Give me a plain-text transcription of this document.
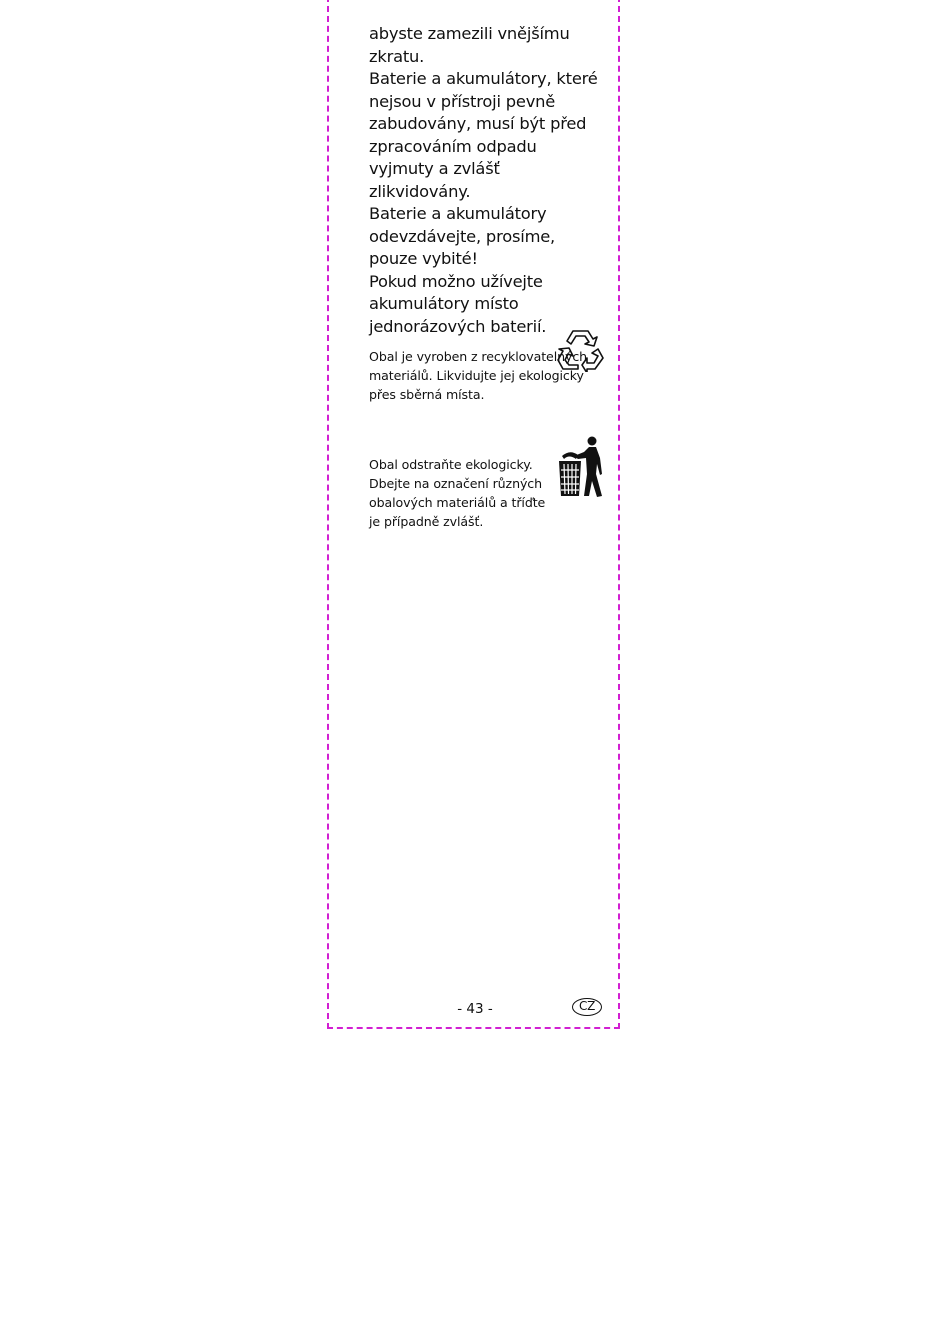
abyste zamezili vnějšímu zkratu.

Baterie a akumulátory, které nejsou v přístroji pevně zabudovány, musí být před zpracováním odpadu vyjmuty a zvlášť zlikvidovány.

Baterie a akumulátory odevzdávejte, prosíme, pouze vybité!

Pokud možno užívejte akumulátory místo jednorázových baterií.

Obal je vyroben z recyklovatelných materiálů. Likvidujte jej ekologicky přes sběrná místa.

Obal odstraňte ekologicky. Dbejte na označení různých obalových materiálů a tříďte je případně zvlášť.

- 43 -	CZ
